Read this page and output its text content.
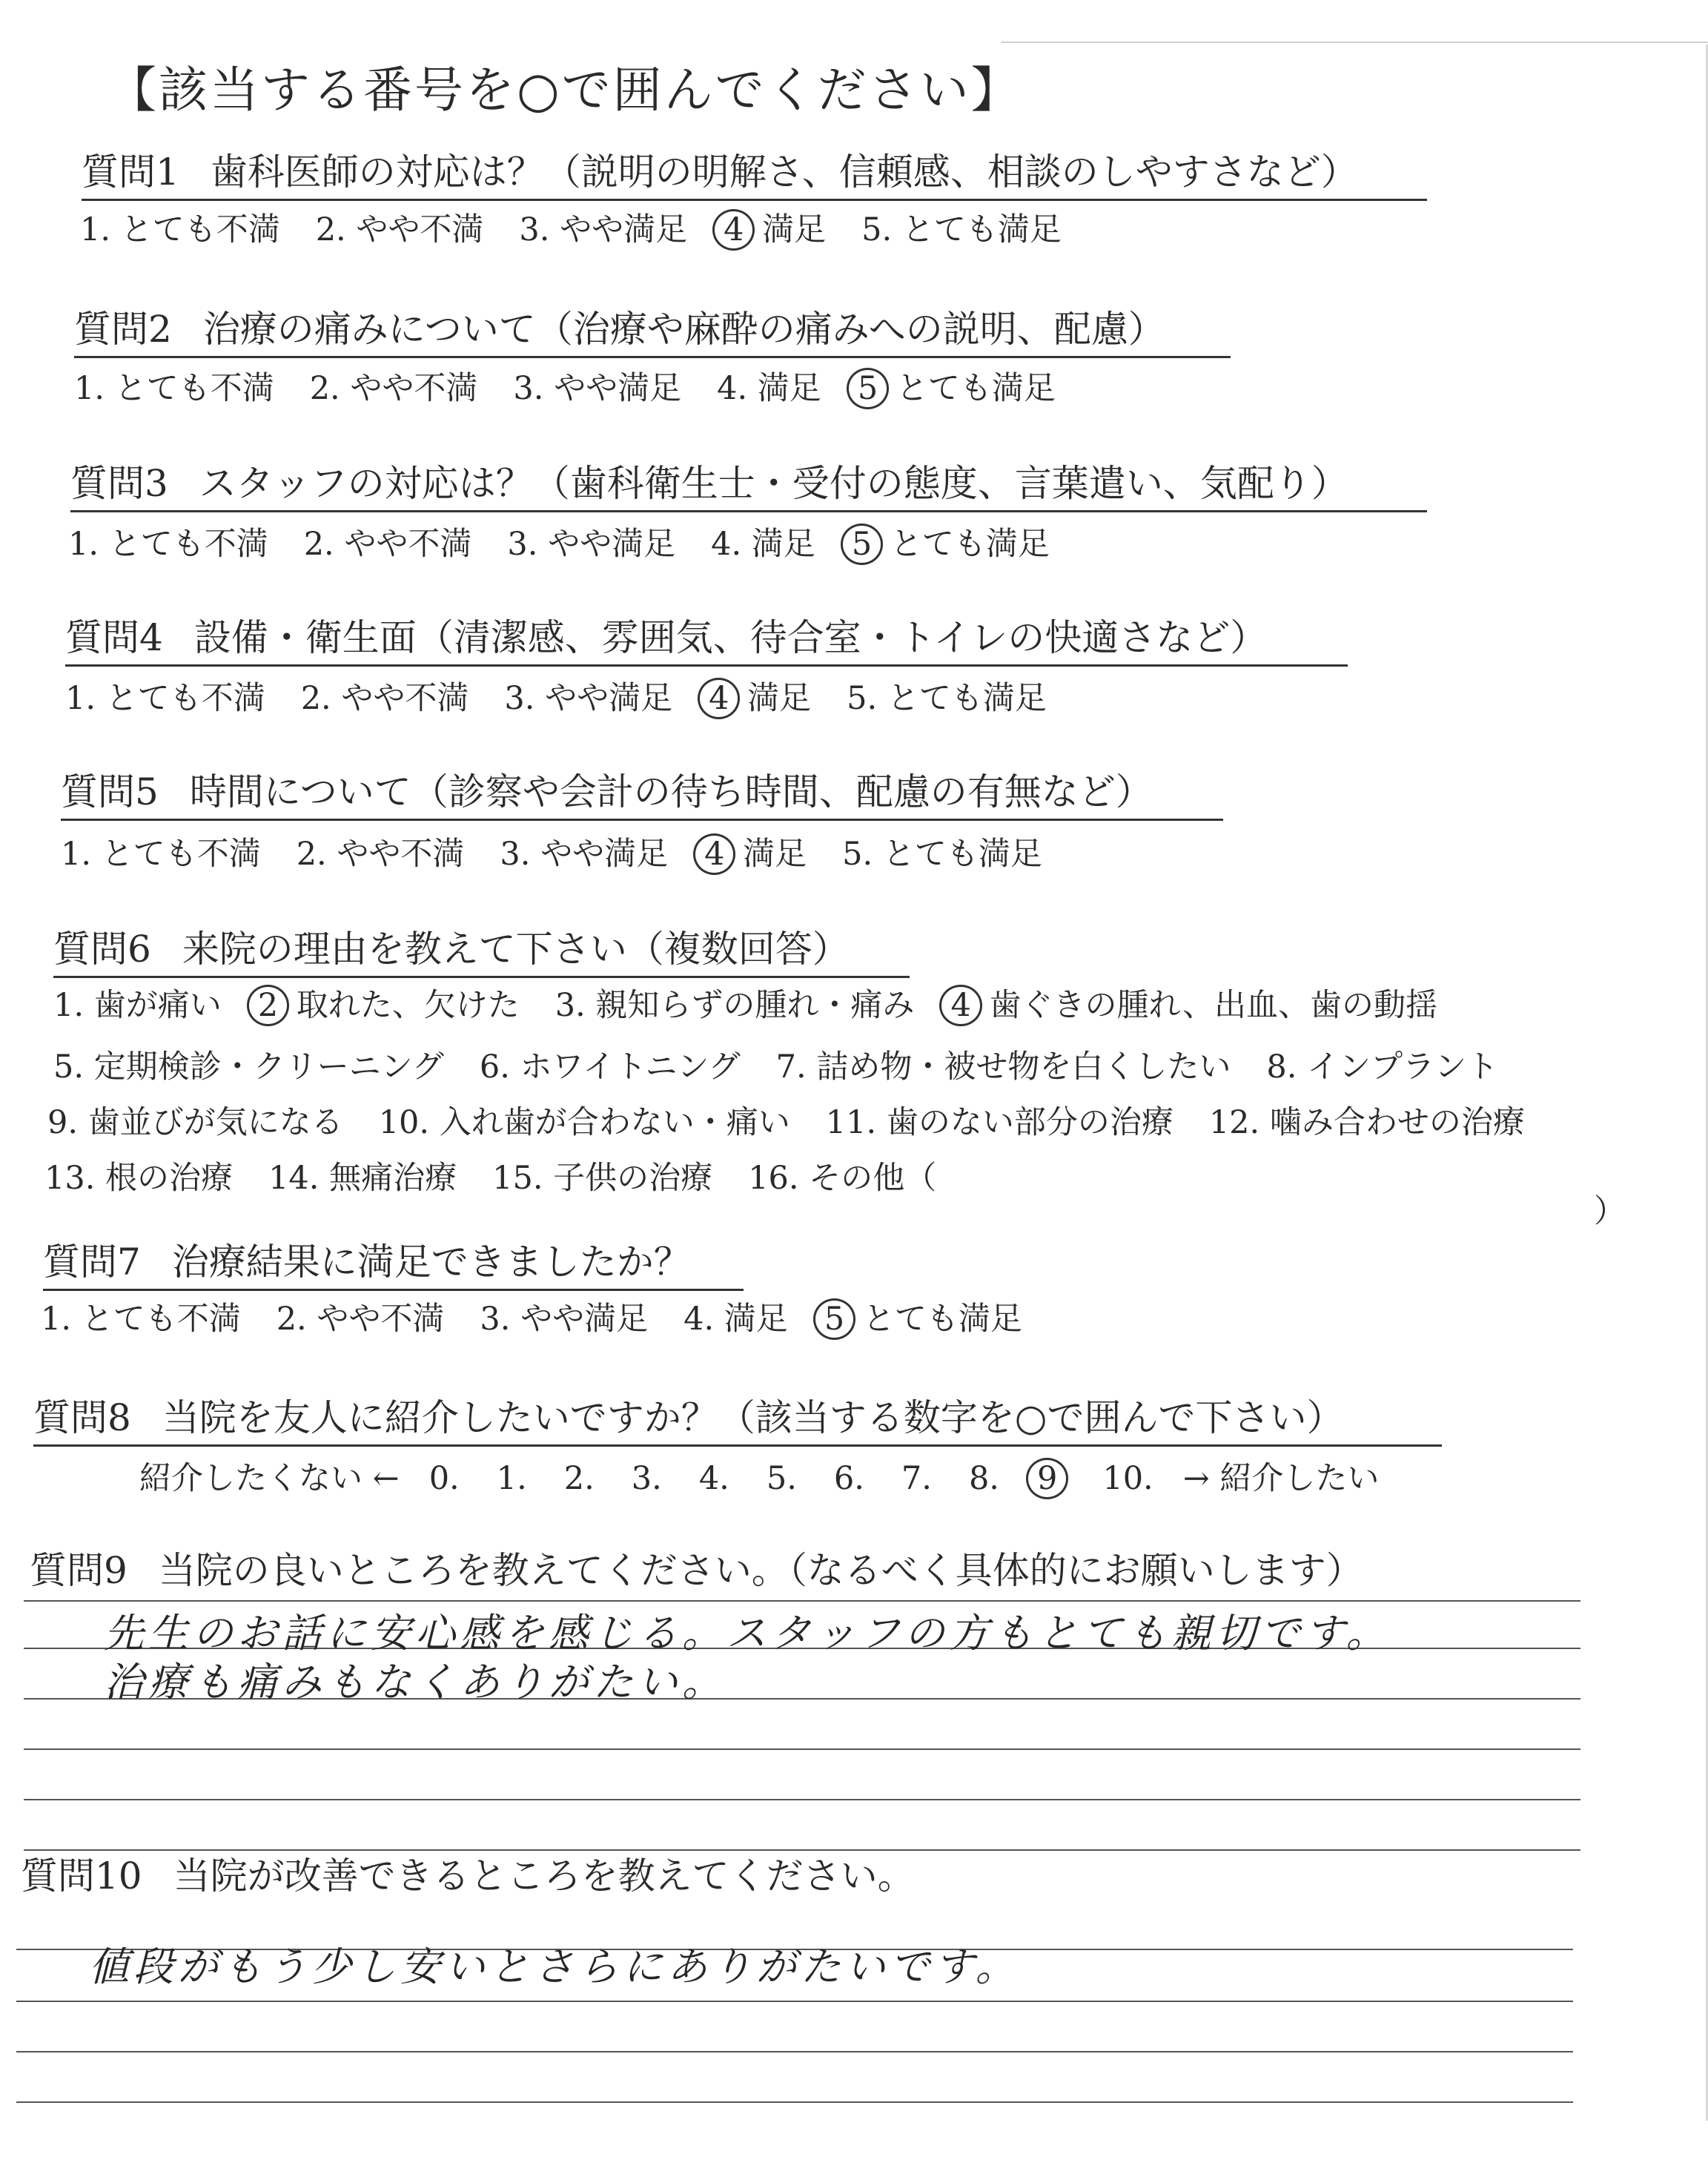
【該当する番号を○で囲んでください】
質問1 歯科医師の対応は？（説明の明解さ、信頼感、相談のしやすさなど）
1. とても不満 2. やや不満 3. やや満足 4 満足 5. とても満足
質問2 治療の痛みについて（治療や麻酔の痛みへの説明、配慮）
1. とても不満 2. やや不満 3. やや満足 4. 満足 5 とても満足
質問3 スタッフの対応は？（歯科衛生士・受付の態度、言葉遣い、気配り）
1. とても不満 2. やや不満 3. やや満足 4. 満足 5 とても満足
質問4 設備・衛生面（清潔感、雰囲気、待合室・トイレの快適さなど）
1. とても不満 2. やや不満 3. やや満足 4 満足 5. とても満足
質問5 時間について（診察や会計の待ち時間、配慮の有無など）
1. とても不満 2. やや不満 3. やや満足 4 満足 5. とても満足
質問6 来院の理由を教えて下さい（複数回答）
1. 歯が痛い 2 取れた、欠けた 3. 親知らずの腫れ・痛み 4 歯ぐきの腫れ、出血、歯の動揺
5. 定期検診・クリーニング 6. ホワイトニング 7. 詰め物・被せ物を白くしたい 8. インプラント
9. 歯並びが気になる 10. 入れ歯が合わない・痛い 11. 歯のない部分の治療 12. 噛み合わせの治療
13. 根の治療 14. 無痛治療 15. 子供の治療 16. その他（
）
質問7 治療結果に満足できましたか？
1. とても不満 2. やや不満 3. やや満足 4. 満足 5 とても満足
質問8 当院を友人に紹介したいですか？（該当する数字を○で囲んで下さい）
紹介したくない ← 0. 1. 2. 3. 4. 5. 6. 7. 8. 9 10. → 紹介したい
質問9 当院の良いところを教えてください。（なるべく具体的にお願いします）
先生のお話に安心感を感じる。スタッフの方もとても親切です。
治療も痛みもなくありがたい。
質問10 当院が改善できるところを教えてください。
値段がもう少し安いとさらにありがたいです。
